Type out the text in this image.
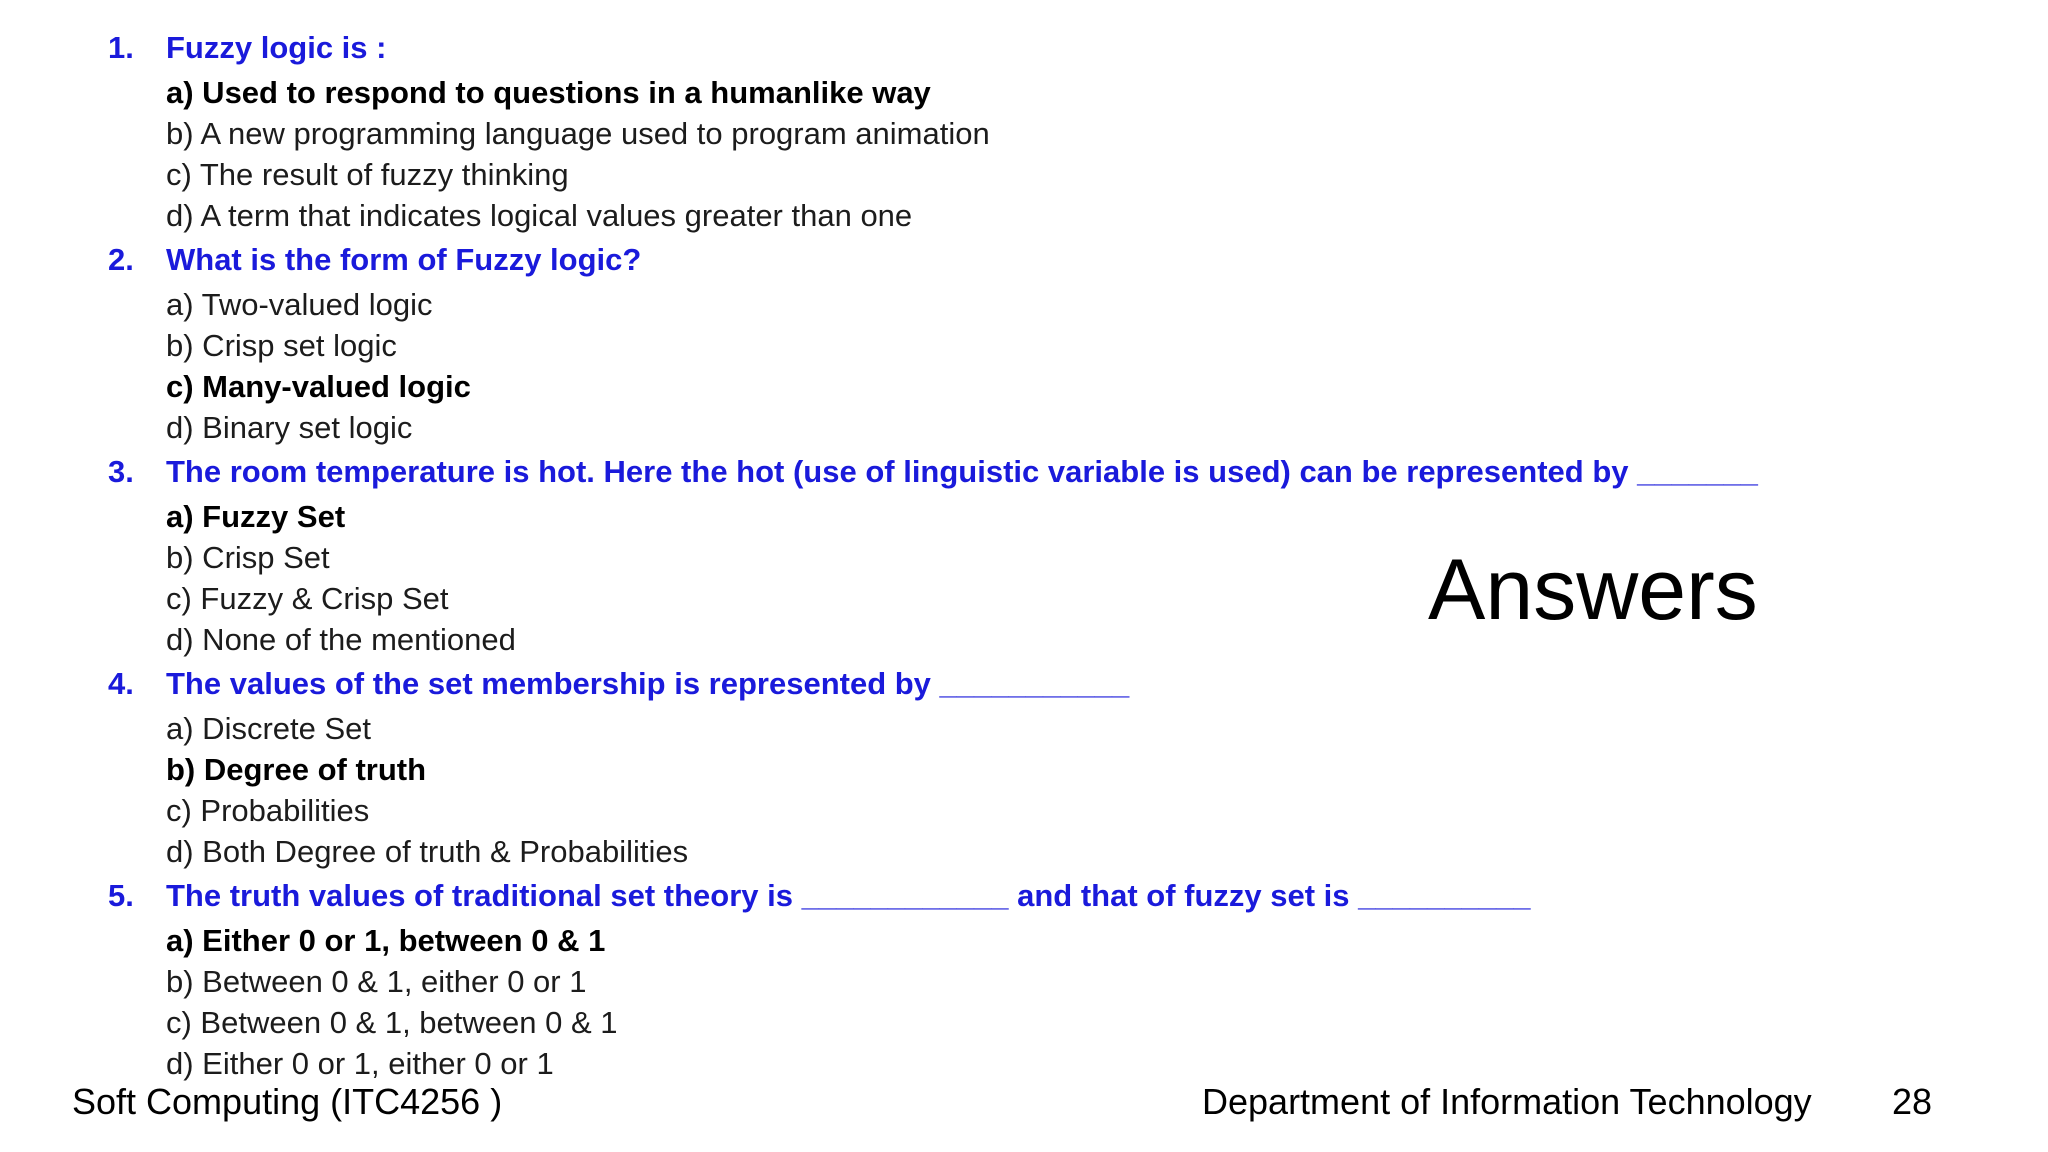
1.	Fuzzy logic is :
a) Used to respond to questions in a humanlike way
b) A new programming language used to program animation
c) The result of fuzzy thinking
d) A term that indicates logical values greater than one
2.	What is the form of Fuzzy logic?
a) Two-valued logic
b) Crisp set logic
c) Many-valued logic
d) Binary set logic
3.	The room temperature is hot. Here the hot (use of linguistic variable is used) can be represented by _______
a) Fuzzy Set
b) Crisp Set
c) Fuzzy & Crisp Set
d) None of the mentioned
4.	The values of the set membership is represented by ___________
a) Discrete Set
b) Degree of truth
c) Probabilities
d) Both Degree of truth & Probabilities
5.	The truth values of traditional set theory is ____________ and that of fuzzy set is __________
a) Either 0 or 1, between 0 & 1
b) Between 0 & 1, either 0 or 1
c) Between 0 & 1, between 0 & 1
d) Either 0 or 1, either 0 or 1
Answers
Soft Computing (ITC4256 )	Department of Information Technology 28
